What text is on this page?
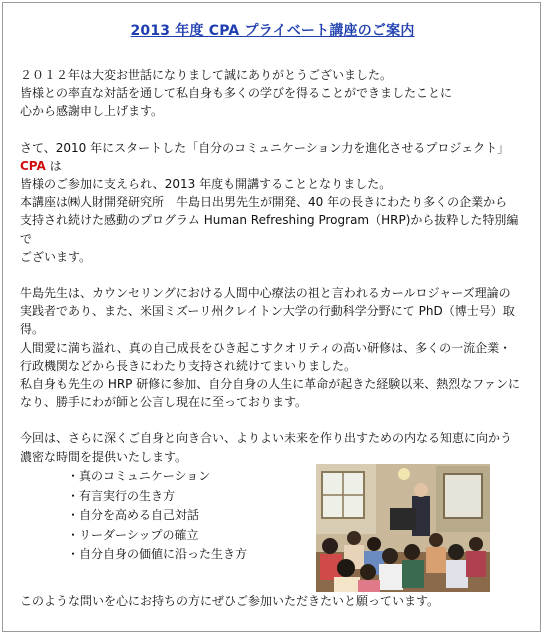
2013 年度 CPA プライベート講座のご案内

２０１２年は大変お世話になりまして誠にありがとうございました。
皆様との率直な対話を通して私自身も多くの学びを得ることができましたことに
心から感謝申し上げます。

さて、2010 年にスタートした「自分のコミュニケーション力を進化させるプロジェクト」

CPA は

皆様のご参加に支えられ、2013 年度も開講することとなりました。
本講座は㈱人財開発研究所　牛島日出男先生が開発、40 年の長きにわたり多くの企業から
支持され続けた感動のプログラム Human Refreshing Program（HRP)から抜粋した特別編で
ございます。

牛島先生は、カウンセリングにおける人間中心療法の祖と言われるカールロジャーズ理論の
実践者であり、また、米国ミズーリ州クレイトン大学の行動科学分野にて PhD（博士号）取
得。
人間愛に満ち溢れ、真の自己成長をひき起こすクオリティの高い研修は、多くの一流企業・
行政機関などから長きにわたり支持され続けてまいりました。
私自身も先生の HRP 研修に参加、自分自身の人生に革命が起きた経験以来、熱烈なファンに
なり、勝手にわが師と公言し現在に至っております。

今回は、さらに深くご自身と向き合い、よりよい未来を作り出すための内なる知恵に向かう
濃密な時間を提供いたします。

・真のコミュニケーション
・有言実行の生き方
・自分を高める自己対話
・リーダーシップの確立
・自分自身の価値に沿った生き方
このような問いを心にお持ちの方にぜひご参加いただきたいと願っています。
